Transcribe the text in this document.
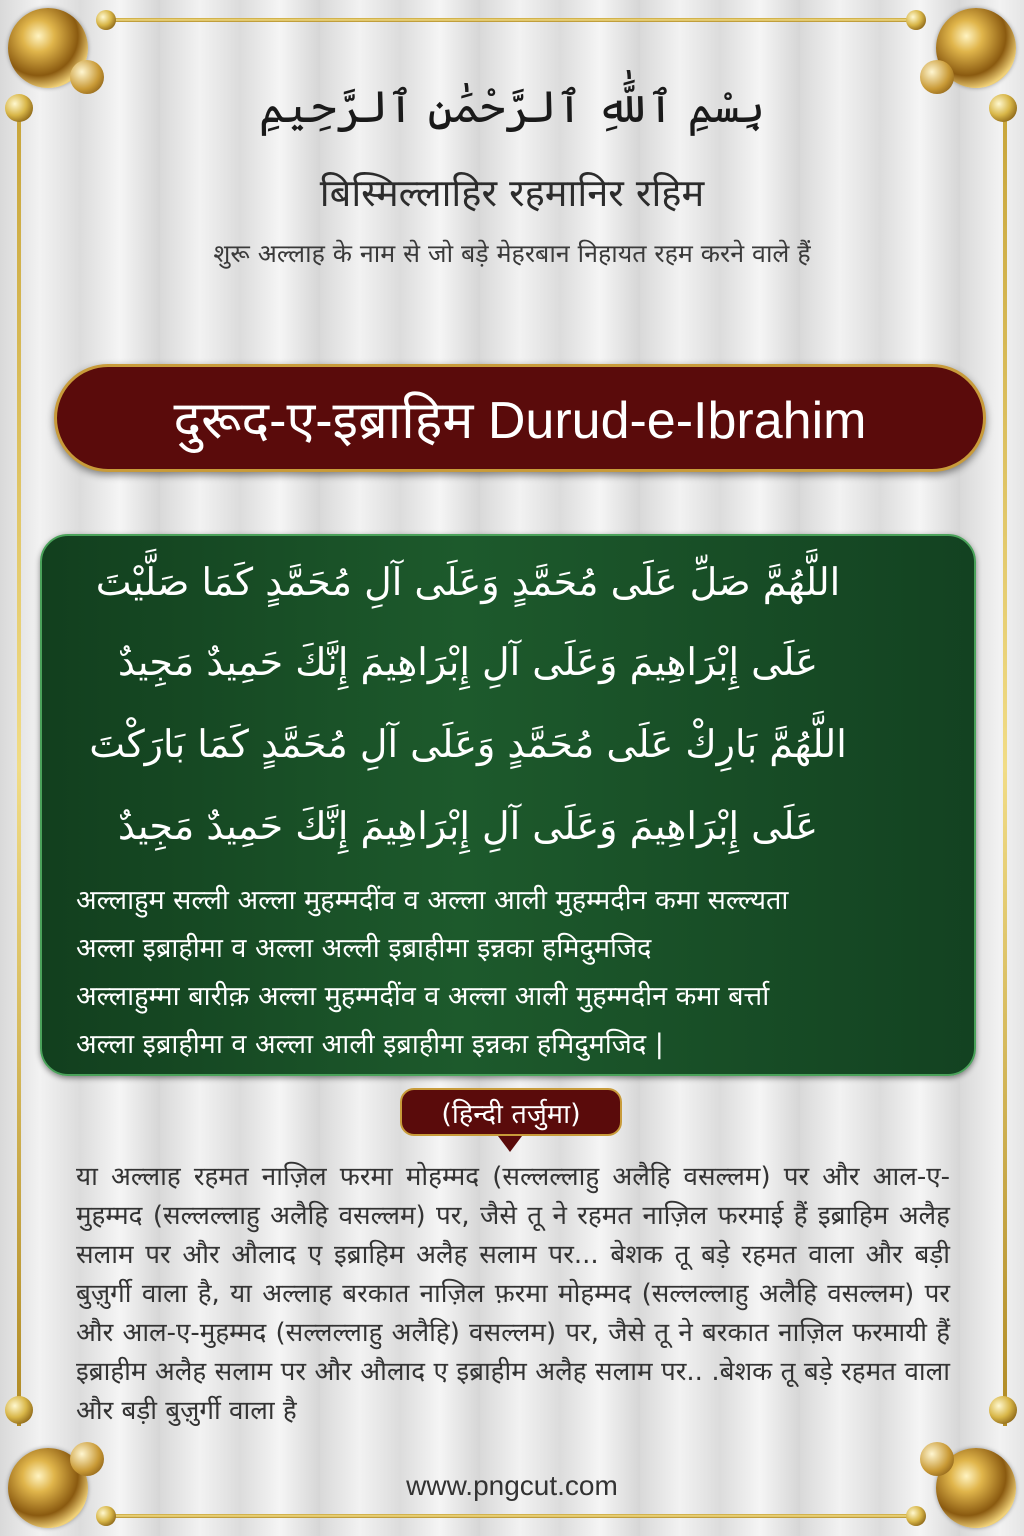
بِسْمِ ٱللَّٰهِ ٱلرَّحْمَٰنِ ٱلرَّحِيمِ
बिस्मिल्लाहिर रहमानिर रहिम
शुरू अल्लाह के नाम से जो बड़े मेहरबान निहायत रहम करने वाले हैं
दुरूद-ए-इब्राहिम Durud-e-Ibrahim
اللَّهُمَّ صَلِّ عَلَى مُحَمَّدٍ وَعَلَى آلِ مُحَمَّدٍ كَمَا صَلَّيْتَ
عَلَى إِبْرَاهِيمَ وَعَلَى آلِ إِبْرَاهِيمَ إِنَّكَ حَمِيدٌ مَجِيدٌ
اللَّهُمَّ بَارِكْ عَلَى مُحَمَّدٍ وَعَلَى آلِ مُحَمَّدٍ كَمَا بَارَكْتَ
عَلَى إِبْرَاهِيمَ وَعَلَى آلِ إِبْرَاهِيمَ إِنَّكَ حَمِيدٌ مَجِيدٌ
अल्लाहुम सल्ली अल्ला मुहम्मदींव व अल्ला आली मुहम्मदीन कमा सल्ल्यता
अल्ला इब्राहीमा व अल्ला अल्ली इब्राहीमा इन्नका हमिदुमजिद
अल्लाहुम्मा बारीक़ अल्ला मुहम्मदींव व अल्ला आली मुहम्मदीन कमा बर्त्ता
अल्ला इब्राहीमा व अल्ला आली इब्राहीमा इन्नका हमिदुमजिद |
(हिन्दी तर्जुमा)
या अल्लाह रहमत नाज़िल फरमा मोहम्मद (सल्लल्लाहु अलैहि वसल्लम) पर और आल-ए-मुहम्मद (सल्लल्लाहु अलैहि वसल्लम) पर, जैसे तू ने रहमत नाज़िल फरमाई हैं इब्राहिम अलैह सलाम पर और औलाद ए इब्राहिम अलैह सलाम पर... बेशक तू बड़े रहमत वाला और बड़ी बुज़ुर्गी वाला है, या अल्लाह बरकात नाज़िल फ़रमा मोहम्मद (सल्लल्लाहु अलैहि वसल्लम) पर और आल-ए-मुहम्मद (सल्लल्लाहु अलैहि) वसल्लम) पर, जैसे तू ने बरकात नाज़िल फरमायी हैं इब्राहीम अलैह सलाम पर और औलाद ए इब्राहीम अलैह सलाम पर.. .बेशक तू बड़े रहमत वाला और बड़ी बुज़ुर्गी वाला है
www.pngcut.com
